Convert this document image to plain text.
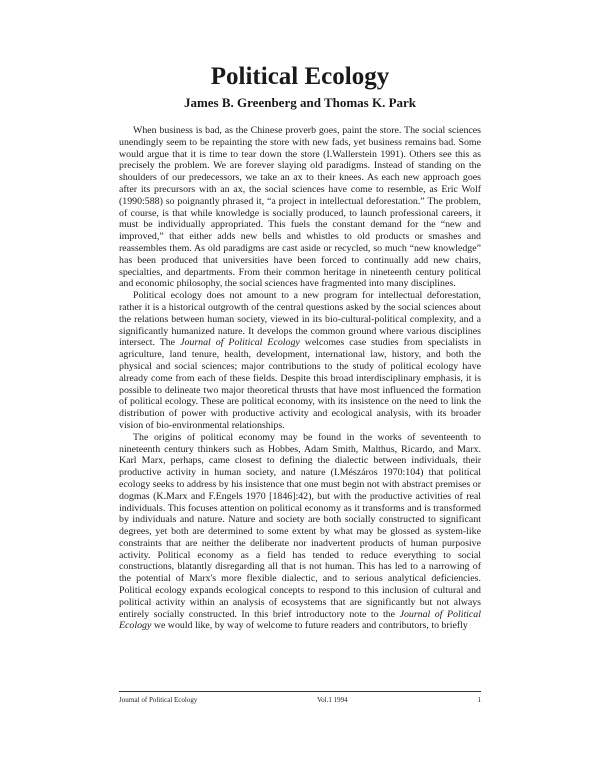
Political Ecology
James B. Greenberg and Thomas K. Park

When business is bad, as the Chinese proverb goes, paint the store. The social sciences unendingly seem to be repainting the store with new fads, yet business remains bad. Some would argue that it is time to tear down the store (I.Wallerstein 1991). Others see this as precisely the problem. We are forever slaying old paradigms. Instead of standing on the shoulders of our predecessors, we take an ax to their knees. As each new approach goes after its precursors with an ax, the social sciences have come to resemble, as Eric Wolf (1990:588) so poignantly phrased it, “a project in intellectual deforestation.” The problem, of course, is that while knowledge is socially produced, to launch professional careers, it must be individually appropriated. This fuels the constant demand for the “new and improved,” that either adds new bells and whistles to old products or smashes and reassembles them. As old paradigms are cast aside or recycled, so much “new knowledge” has been produced that universities have been forced to continually add new chairs, specialties, and departments. From their common heritage in nineteenth century political and economic philosophy, the social sciences have fragmented into many disciplines.

Political ecology does not amount to a new program for intellectual deforestation, rather it is a historical outgrowth of the central questions asked by the social sciences about the relations between human society, viewed in its bio-cultural-political complexity, and a significantly humanized nature. It develops the common ground where various disciplines intersect. The Journal of Political Ecology welcomes case studies from specialists in agriculture, land tenure, health, development, international law, history, and both the physical and social sciences; major contributions to the study of political ecology have already come from each of these fields. Despite this broad interdisciplinary emphasis, it is possible to delineate two major theoretical thrusts that have most influenced the formation of political ecology. These are political economy, with its insistence on the need to link the distribution of power with productive activity and ecological analysis, with its broader vision of bio-environmental relationships.

The origins of political economy may be found in the works of seventeenth to nineteenth century thinkers such as Hobbes, Adam Smith, Malthus, Ricardo, and Marx. Karl Marx, perhaps, came closest to defining the dialectic between individuals, their productive activity in human society, and nature (I.Mészáros 1970:104) that political ecology seeks to address by his insistence that one must begin not with abstract premises or dogmas (K.Marx and F.Engels 1970 [1846]:42), but with the productive activities of real individuals. This focuses attention on political economy as it transforms and is transformed by individuals and nature. Nature and society are both socially constructed to significant degrees, yet both are determined to some extent by what may be glossed as system-like constraints that are neither the deliberate nor inadvertent products of human purposive activity. Political economy as a field has tended to reduce everything to social constructions, blatantly disregarding all that is not human. This has led to a narrowing of the potential of Marx's more flexible dialectic, and to serious analytical deficiencies. Political ecology expands ecological concepts to respond to this inclusion of cultural and political activity within an analysis of ecosystems that are significantly but not always entirely socially constructed. In this brief introductory note to the Journal of Political Ecology we would like, by way of welcome to future readers and contributors, to briefly

Journal of Political Ecology	Vol.1 1994	1
